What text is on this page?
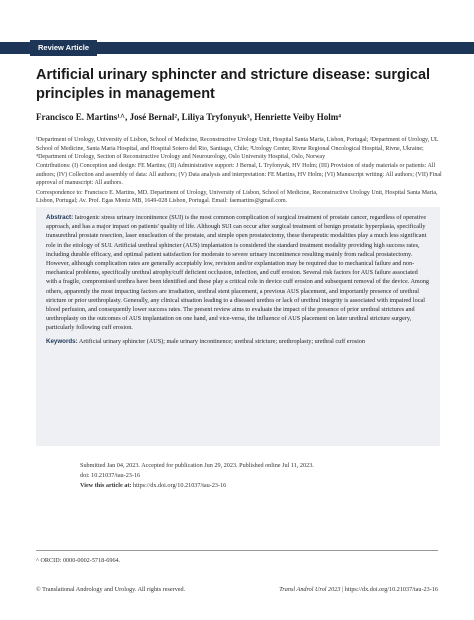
Review Article
Artificial urinary sphincter and stricture disease: surgical principles in management
Francisco E. Martins¹^, José Bernal², Liliya Tryfonyuk³, Henriette Veiby Holm⁴

¹Department of Urology, University of Lisbon, School of Medicine, Reconstructive Urology Unit, Hospital Santa Maria, Lisbon, Portugal; ²Department of Urology, UL School of Medicine, Santa Maria Hospital, and Hospital Sotero del Rio, Santiago, Chile; ³Urology Center, Rivne Regional Oncological Hospital, Rivne, Ukraine; ⁴Department of Urology, Section of Reconstructive Urology and Neurourology, Oslo University Hospital, Oslo, Norway

Contributions: (I) Conception and design: FE Martins; (II) Administrative support: J Bernal, L Tryfonyuk, HV Holm; (III) Provision of study materials or patients: All authors; (IV) Collection and assembly of data: All authors; (V) Data analysis and interpretation: FE Martins, HV Holm; (VI) Manuscript writing: All authors; (VII) Final approval of manuscript: All authors.

Correspondence to: Francisco E. Martins, MD. Department of Urology, University of Lisbon, School of Medicine, Reconstructive Urology Unit, Hospital Santa Maria, Lisbon, Portugal; Av. Prof. Egas Moniz MB, 1649-028 Lisbon, Portugal. Email: faemartins@gmail.com.

Abstract: Iatrogenic stress urinary incontinence (SUI) is the most common complication of surgical treatment of prostate cancer, regardless of operative approach, and has a major impact on patients' quality of life. Although SUI can occur after surgical treatment of benign prostatic hyperplasia, specifically transurethral prostate resection, laser enucleation of the prostate, and simple open prostatectomy, these therapeutic modalities play a much less significant role in the etiology of SUI. Artificial urethral sphincter (AUS) implantation is considered the standard treatment modality providing high success rates, including durable efficacy, and optimal patient satisfaction for moderate to severe urinary incontinence resulting mainly from radical prostatectomy. However, although complication rates are generally acceptably low, revision and/or explantation may be required due to mechanical failure and non-mechanical problems, specifically urethral atrophy/cuff deficient occlusion, infection, and cuff erosion. Several risk factors for AUS failure associated with a fragile, compromised urethra have been identified and these play a critical role in device cuff erosion and subsequent removal of the device. Among others, apparently the most impacting factors are irradiation, urethral stent placement, a previous AUS placement, and importantly presence of urethral stricture or prior urethroplasty. Generally, any clinical situation leading to a diseased urethra or lack of urethral integrity is associated with impaired local blood perfusion, and consequently lower success rates. The present review aims to evaluate the impact of the presence of prior urethral strictures and urethroplasty on the outcomes of AUS implantation on one hand, and vice-versa, the influence of AUS placement on later urethral stricture surgery, particularly following cuff erosion.
Keywords: Artificial urinary sphincter (AUS); male urinary incontinence; urethral stricture; urethroplasty; urethral cuff erosion
Submitted Jan 04, 2023. Accepted for publication Jun 29, 2023. Published online Jul 11, 2023.
doi: 10.21037/tau-23-16
View this article at: https://dx.doi.org/10.21037/tau-23-16
^ ORCID: 0000-0002-5718-6964.
© Translational Andrology and Urology. All rights reserved.	Transl Androl Urol 2023 | https://dx.doi.org/10.21037/tau-23-16
